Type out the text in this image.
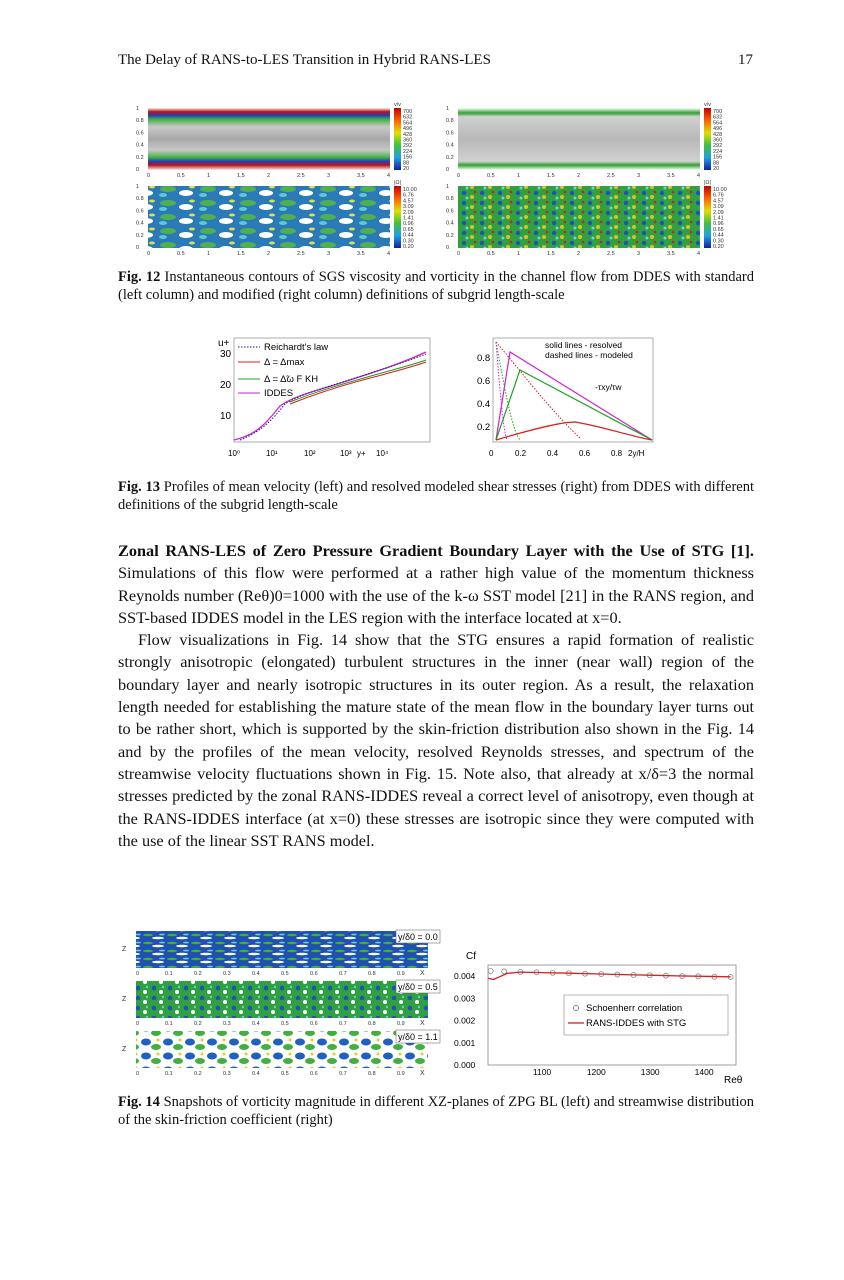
The Delay of RANS-to-LES Transition in Hybrid RANS-LES	17
1
0.8
0.6
0.4
0.2
0
0	0.5	1	1.5	2	2.5	3	3.5	4
1
0.8
0.6
0.4
0.2
0
0	0.5	1	1.5	2	2.5	3	3.5	4
1
0.8
0.6
0.4
0.2
0
0	0.5	1	1.5	2	2.5	3	3.5	4
1
0.8
0.6
0.4
0.2
0
0	0.5	1	1.5	2	2.5	3	3.5	4
v/v
700
632
564
496
428
360
292
224
156
88
20
v/v
700
632
564
496
428
360
292
224
156
88
20
|Ω|
10.00
6.76
4.57
3.09
2.09
1.41
0.96
0.65
0.44
0.30
0.20
|Ω|
10.00
6.76
4.57
3.09
2.09
1.41
0.96
0.65
0.44
0.30
0.20
Fig. 12 Instantaneous contours of SGS viscosity and vorticity in the channel flow from DDES with standard (left column) and modified (right column) definitions of subgrid length-scale
u+
30
20
10
10⁰	10¹	10²	10³ y+ 10⁴
Reichardt's law
Δ = Δmax
Δ = Δ̃ω F KH
IDDES
0.8
0.6
0.4
0.2
0	0.2	0.4	0.6	0.8 2y/H
solid lines - resolved
dashed lines - modeled
-τxy/τw
Fig. 13 Profiles of mean velocity (left) and resolved modeled shear stresses (right) from DDES with different definitions of the subgrid length-scale

Zonal RANS-LES of Zero Pressure Gradient Boundary Layer with the Use of STG [1]. Simulations of this flow were performed at a rather high value of the momentum thickness Reynolds number (Reθ)0=1000 with the use of the k-ω SST model [21] in the RANS region, and SST-based IDDES model in the LES region with the interface located at x=0.

Flow visualizations in Fig. 14 show that the STG ensures a rapid formation of realistic strongly anisotropic (elongated) turbulent structures in the inner (near wall) region of the boundary layer and nearly isotropic structures in its outer region. As a result, the relaxation length needed for establishing the mature state of the mean flow in the boundary layer turns out to be rather short, which is supported by the skin-friction distribution also shown in the Fig. 14 and by the profiles of the mean velocity, resolved Reynolds stresses, and spectrum of the streamwise velocity fluctuations shown in Fig. 15. Note also, that already at x/δ=3 the normal stresses predicted by the zonal RANS-IDDES reveal a correct level of anisotropy, even though at the RANS-IDDES interface (at x=0) these stresses are isotropic since they were computed with the use of the linear SST RANS model.

y/δ0 = 0.0
y/δ0 = 0.5
y/δ0 = 1.1
0	0.1	0.2	0.3	0.4	0.5	0.6	0.7	0.8	0.9 X
Z
0	0.1	0.2	0.3	0.4	0.5	0.6	0.7	0.8	0.9 X
Z
0	0.1	0.2	0.3	0.4	0.5	0.6	0.7	0.8	0.9 X
Z
Cf
0.000
0.001
0.002
0.003
0.004
1100	1200	1300	1400
Reθ
Schoenherr correlation
RANS-IDDES with STG
Fig. 14 Snapshots of vorticity magnitude in different XZ-planes of ZPG BL (left) and streamwise distribution of the skin-friction coefficient (right)
